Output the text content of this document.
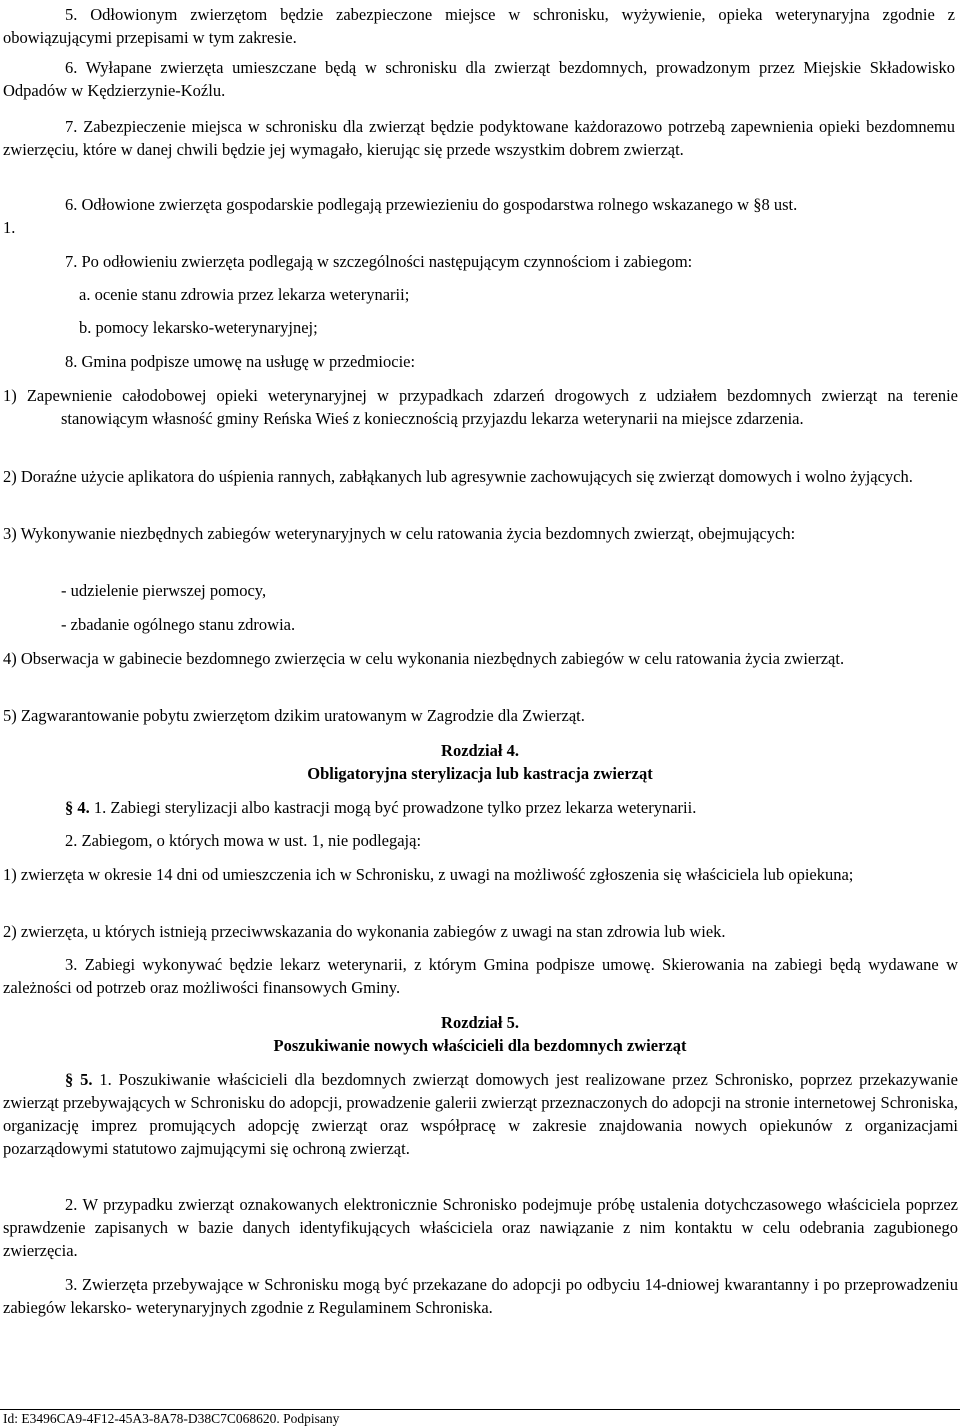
5. Odłowionym zwierzętom będzie zabezpieczone miejsce w schronisku, wyżywienie, opieka weterynaryjna zgodnie z obowiązującymi przepisami w tym zakresie.

6. Wyłapane zwierzęta umieszczane będą w schronisku dla zwierząt bezdomnych, prowadzonym przez Miejskie Składowisko Odpadów w Kędzierzynie-Koźlu.

7. Zabezpieczenie miejsca w schronisku dla zwierząt będzie podyktowane każdorazowo potrzebą zapewnienia opieki bezdomnemu zwierzęciu, które w danej chwili będzie jej wymagało, kierując się przede wszystkim dobrem zwierząt.

1.

6. Odłowione zwierzęta gospodarskie podlegają przewiezieniu do gospodarstwa rolnego wskazanego w §8 ust.

7. Po odłowieniu zwierzęta podlegają w szczególności następującym czynnościom i zabiegom:

a. ocenie stanu zdrowia przez lekarza weterynarii;

b. pomocy lekarsko-weterynaryjnej;

8. Gmina podpisze umowę na usługę w przedmiocie:

1) Zapewnienie całodobowej opieki weterynaryjnej w przypadkach zdarzeń drogowych z udziałem bezdomnych zwierząt na terenie stanowiącym własność gminy Reńska Wieś z koniecznością przyjazdu lekarza weterynarii na miejsce zdarzenia.

2) Doraźne użycie aplikatora do uśpienia rannych, zabłąkanych lub agresywnie zachowujących się zwierząt domowych i wolno żyjących.

3) Wykonywanie niezbędnych zabiegów weterynaryjnych w celu ratowania życia bezdomnych zwierząt, obejmujących:

- udzielenie pierwszej pomocy,

- zbadanie ogólnego stanu zdrowia.

4) Obserwacja w gabinecie bezdomnego zwierzęcia w celu wykonania niezbędnych zabiegów w celu ratowania życia zwierząt.

5) Zagwarantowanie pobytu zwierzętom dzikim uratowanym w Zagrodzie dla Zwierząt.

Rozdział 4.

Obligatoryjna sterylizacja lub kastracja zwierząt

§ 4. 1. Zabiegi sterylizacji albo kastracji mogą być prowadzone tylko przez lekarza weterynarii.

2. Zabiegom, o których mowa w ust. 1, nie podlegają:

1) zwierzęta w okresie 14 dni od umieszczenia ich w Schronisku, z uwagi na możliwość zgłoszenia się właściciela lub opiekuna;

2) zwierzęta, u których istnieją przeciwwskazania do wykonania zabiegów z uwagi na stan zdrowia lub wiek.

3. Zabiegi wykonywać będzie lekarz weterynarii, z którym Gmina podpisze umowę. Skierowania na zabiegi będą wydawane w zależności od potrzeb oraz możliwości finansowych Gminy.

Rozdział 5.

Poszukiwanie nowych właścicieli dla bezdomnych zwierząt

§ 5. 1. Poszukiwanie właścicieli dla bezdomnych zwierząt domowych jest realizowane przez Schronisko, poprzez przekazywanie zwierząt przebywających w Schronisku do adopcji, prowadzenie galerii zwierząt przeznaczonych do adopcji na stronie internetowej Schroniska, organizację imprez promujących adopcję zwierząt oraz współpracę w zakresie znajdowania nowych opiekunów z organizacjami pozarządowymi statutowo zajmującymi się ochroną zwierząt.

2. W przypadku zwierząt oznakowanych elektronicznie Schronisko podejmuje próbę ustalenia dotychczasowego właściciela poprzez sprawdzenie zapisanych w bazie danych identyfikujących właściciela oraz nawiązanie z nim kontaktu w celu odebrania zagubionego zwierzęcia.

3. Zwierzęta przebywające w Schronisku mogą być przekazane do adopcji po odbyciu 14-dniowej kwarantanny i po przeprowadzeniu zabiegów lekarsko- weterynaryjnych zgodnie z Regulaminem Schroniska.

Id: E3496CA9-4F12-45A3-8A78-D38C7C068620. Podpisany
